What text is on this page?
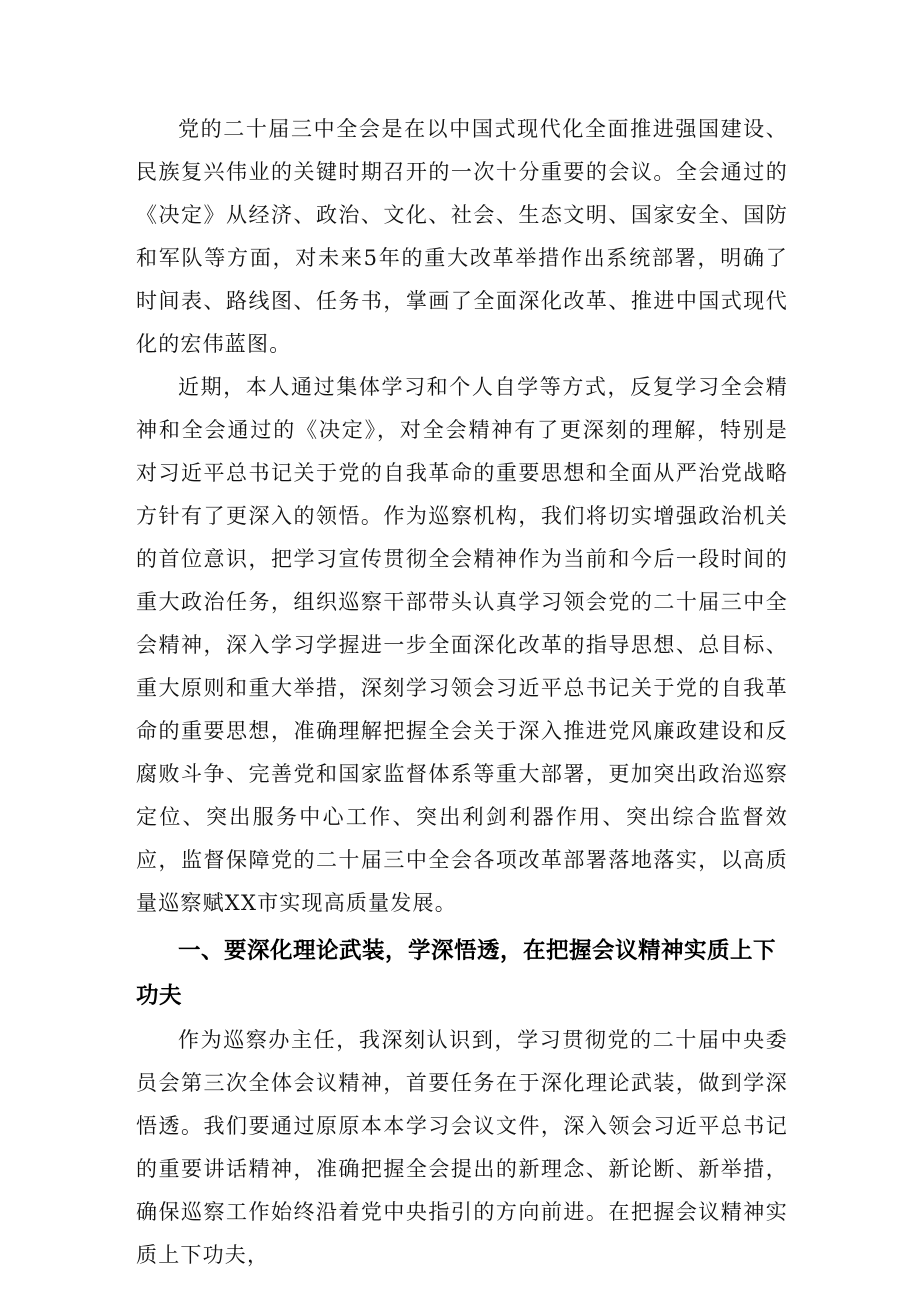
党的二十届三中全会是在以中国式现代化全面推进强国建设、民族复兴伟业的关键时期召开的一次十分重要的会议。全会通过的《决定》从经济、政治、文化、社会、生态文明、国家安全、国防和军队等方面，对未来5年的重大改革举措作出系统部署，明确了时间表、路线图、任务书，掌画了全面深化改革、推进中国式现代化的宏伟蓝图。

近期，本人通过集体学习和个人自学等方式，反复学习全会精神和全会通过的《决定》，对全会精神有了更深刻的理解，特别是对习近平总书记关于党的自我革命的重要思想和全面从严治党战略方针有了更深入的领悟。作为巡察机构，我们将切实增强政治机关的首位意识，把学习宣传贯彻全会精神作为当前和今后一段时间的重大政治任务，组织巡察干部带头认真学习领会党的二十届三中全会精神，深入学习学握进一步全面深化改革的指导思想、总目标、重大原则和重大举措，深刻学习领会习近平总书记关于党的自我革命的重要思想，准确理解把握全会关于深入推进党风廉政建设和反腐败斗争、完善党和国家监督体系等重大部署，更加突出政治巡察定位、突出服务中心工作、突出利剑利器作用、突出综合监督效应，监督保障党的二十届三中全会各项改革部署落地落实，以高质量巡察赋XX市实现高质量发展。

一、要深化理论武装，学深悟透，在把握会议精神实质上下功夫

作为巡察办主任，我深刻认识到，学习贯彻党的二十届中央委员会第三次全体会议精神，首要任务在于深化理论武装，做到学深悟透。我们要通过原原本本学习会议文件，深入领会习近平总书记的重要讲话精神，准确把握全会提出的新理念、新论断、新举措，确保巡察工作始终沿着党中央指引的方向前进。在把握会议精神实质上下功夫，
